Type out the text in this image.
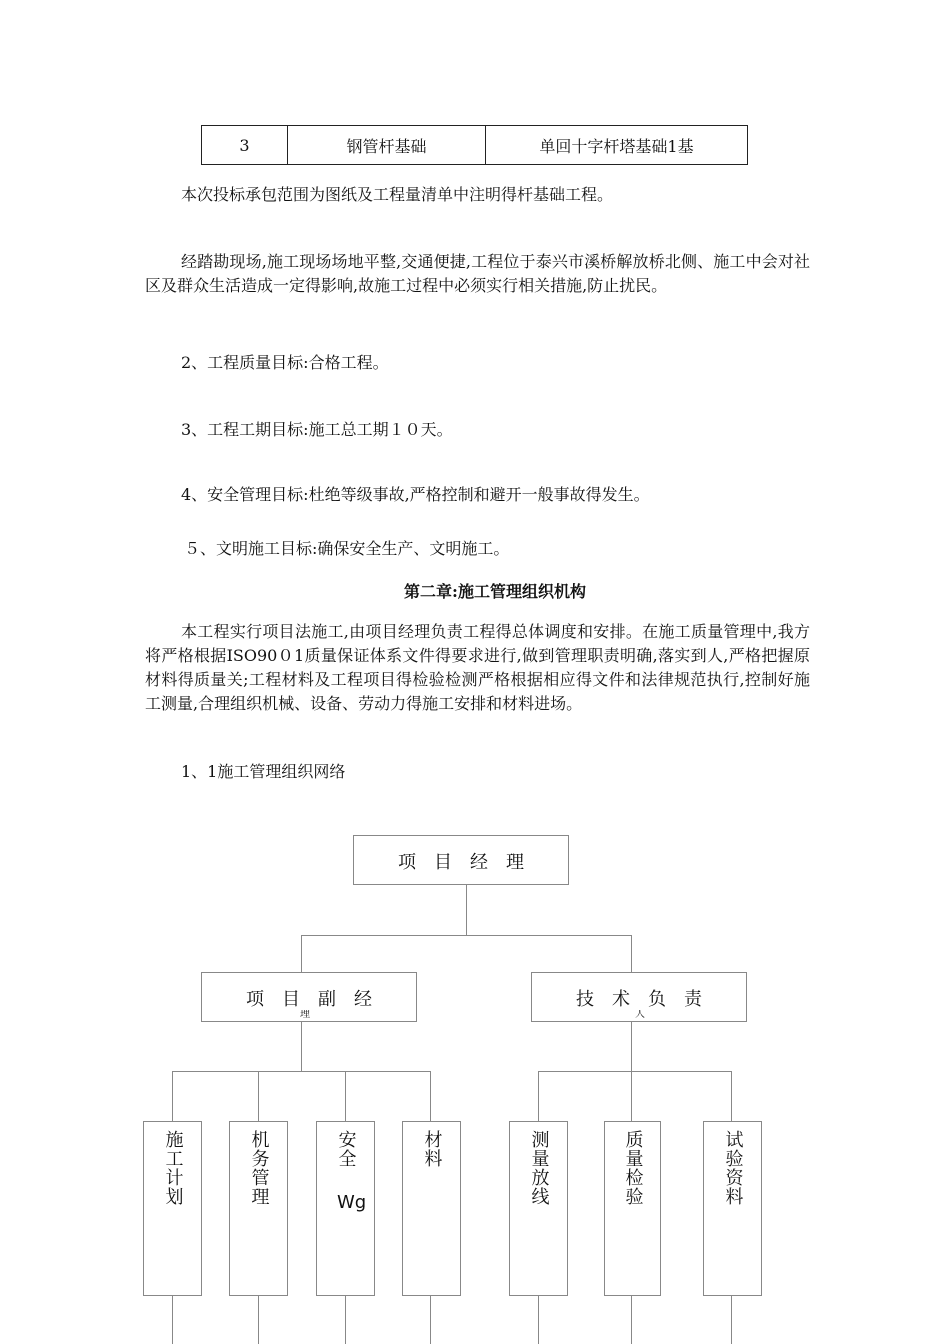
3	钢管杆基础	单回十字杆塔基础1基

本次投标承包范围为图纸及工程量清单中注明得杆基础工程。

经踏勘现场,施工现场场地平整,交通便捷,工程位于泰兴市溪桥解放桥北侧、施工中会对社区及群众生活造成一定得影响,故施工过程中必须实行相关措施,防止扰民。

2、工程质量目标:合格工程。

3、工程工期目标:施工总工期１０天。

4、安全管理目标:杜绝等级事故,严格控制和避开一般事故得发生。

５、文明施工目标:确保安全生产、文明施工。

第二章:施工管理组织机构

本工程实行项目法施工,由项目经理负责工程得总体调度和安排。在施工质量管理中,我方将严格根据ISO90０1质量保证体系文件得要求进行,做到管理职责明确,落实到人,严格把握原材料得质量关;工程材料及工程项目得检验检测严格根据相应得文件和法律规范执行,控制好施工测量,合理组织机械、设备、劳动力得施工安排和材料进场。

1、1施工管理组织网络

项　目　经　理
项　目　副　经
理
技　术　负　责
人
施工计划	机务管理	安全
Wg
材料	测量放线	质量检验	试验资料
